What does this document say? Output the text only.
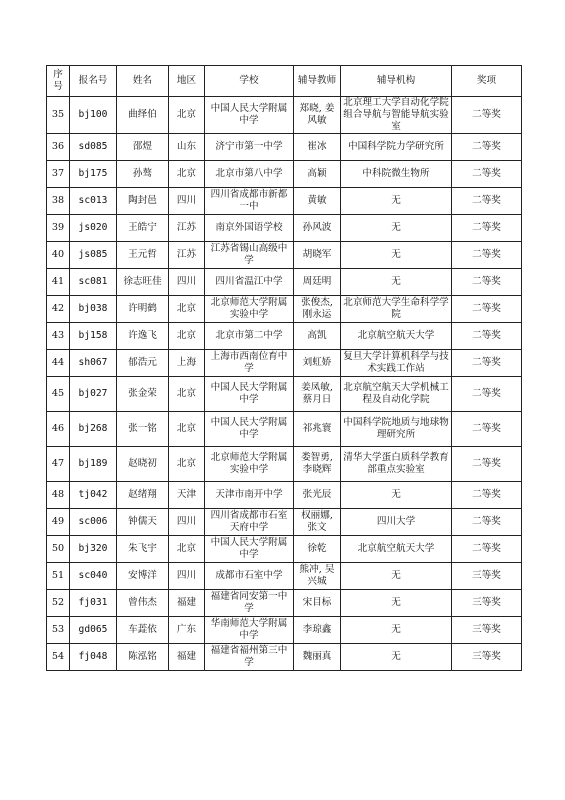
序号	报名号	姓名	地区	学校	辅导教师	辅导机构	奖项
35	bj100	曲绎伯	北京	中国人民大学附属中学	郑晓, 姜风敏	北京理工大学自动化学院组合导航与智能导航实验室	二等奖
36	sd085	邵煜	山东	济宁市第一中学	崔冰	中国科学院力学研究所	二等奖
37	bj175	孙骜	北京	北京市第八中学	高颖	中科院微生物所	二等奖
38	sc013	陶封邑	四川	四川省成都市新都一中	黄敏	无	二等奖
39	js020	王皓宁	江苏	南京外国语学校	孙风波	无	二等奖
40	js085	王元哲	江苏	江苏省锡山高级中学	胡晓军	无	二等奖
41	sc081	徐志旺佳	四川	四川省温江中学	周廷明	无	二等奖
42	bj038	许明鹤	北京	北京师范大学附属实验中学	张俊杰, 刚永运	北京师范大学生命科学学院	二等奖
43	bj158	许逸飞	北京	北京市第二中学	高凯	北京航空航天大学	二等奖
44	sh067	郁浩元	上海	上海市西南位育中学	刘虹娇	复旦大学计算机科学与技术实践工作站	二等奖
45	bj027	张金荣	北京	中国人民大学附属中学	姜凤敏, 蔡月日	北京航空航天大学机械工程及自动化学院	二等奖
46	bj268	张一铭	北京	中国人民大学附属中学	祁兆寰	中国科学院地质与地球物理研究所	二等奖
47	bj189	赵晓初	北京	北京师范大学附属实验中学	娄智勇, 李晓辉	清华大学蛋白质科学教育部重点实验室	二等奖
48	tj042	赵绪翔	天津	天津市南开中学	张光辰	无	二等奖
49	sc006	钟儒天	四川	四川省成都市石室天府中学	权丽娜, 张文	四川大学	二等奖
50	bj320	朱飞宇	北京	中国人民大学附属中学	徐乾	北京航空航天大学	二等奖
51	sc040	安博洋	四川	成都市石室中学	熊冲, 吴兴城	无	三等奖
52	fj031	曾伟杰	福建	福建省同安第一中学	宋目标	无	三等奖
53	gd065	车蕋依	广东	华南师范大学附属中学	李琼鑫	无	三等奖
54	fj048	陈泓铭	福建	福建省福州第三中学	魏丽真	无	三等奖
